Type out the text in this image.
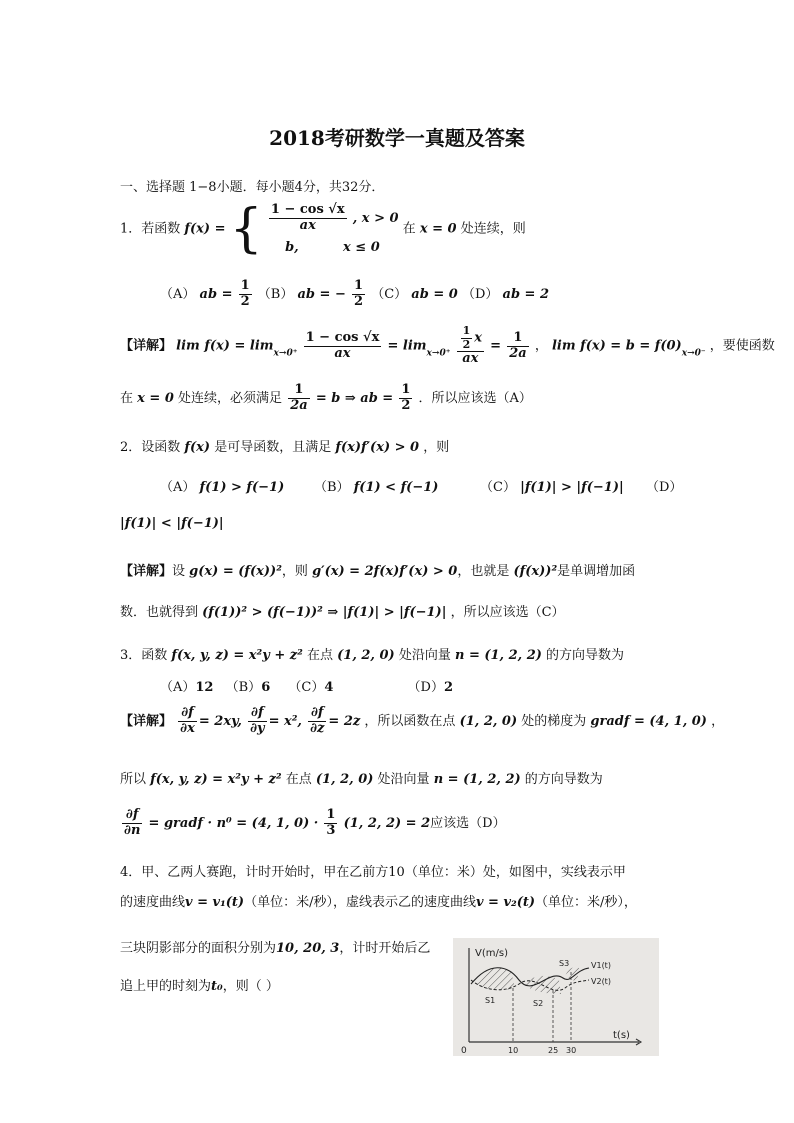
2018考研数学一真题及答案
一、选择题 1−8小题．每小题4分，共32分．
1．若函数 f(x) = { $\frac{1 - \cos √x}{ax}$ , x > 0
b,	x ≤ 0
在 x = 0 处连续，则
（A） ab = $\frac{1}{2} (B)$ ab = − $\frac{1}{2} (C)$ ab = 0 （D） ab = 2
【详解】 $\lim f(x) = \lim_{x\to 0^+} \frac{1 - \cos √x}{ax} = \lim_{x\to 0^+} \frac{\frac{1}{2} x}{ax} = \frac{1}{2a}$ ， $\lim f(x) = b = f(0)_{x\to 0^-}$ ，要使函数
在 x = 0 处连续，必须满足 $\frac{1}{2a} = b$ ⇒ ab = $\frac{1}{2}$ ．所以应该选（A）
2．设函数 f(x) 是可导函数，且满足 f(x)f′(x) > 0 ，则
（A） f(1) > f(−1) （B） f(1) < f(−1)	（C） |f(1)| > |f(−1)| （D）
|f(1)| < |f(−1)|
【详解】设 g(x) = (f(x))²，则 g′(x) = 2f(x)f′(x) > 0，也就是 (f(x))²是单调增加函
数．也就得到 (f(1))² > (f(−1))² ⇒ |f(1)| > |f(−1)| ，所以应该选（C）
3．函数 f(x, y, z) = x²y + z² 在点 (1, 2, 0) 处沿向量 n = (1, 2, 2) 的方向导数为
（A）12 （B）6 （C）4	（D）2
【详解】 $\frac{\partial f}{\partial x} = 2xy$, $\frac{\partial f}{\partial y} = x^2$, $\frac{\partial f}{\partial z} = 2z$ ，所以函数在点 (1, 2, 0) 处的梯度为 gradf = (4, 1, 0) ，
所以 f(x, y, z) = x²y + z² 在点 (1, 2, 0) 处沿向量 n = (1, 2, 2) 的方向导数为
$\frac{\partial f}{\partial n}$ = gradf · n⁰ = (4, 1, $0) \cdot \frac{1}{3} (1$, 2, 2) = 2应该选（D）
4．甲、乙两人赛跑，计时开始时，甲在乙前方10（单位：米）处，如图中，实线表示甲
的速度曲线v = v₁(t)（单位：米/秒），虚线表示乙的速度曲线v = v₂(t)（单位：米/秒），
三块阴影部分的面积分别为10, 20, 3，计时开始后乙
追上甲的时刻为t₀，则（ ）
V(m/s)
t(s)
0	10	25 30
S1	S2
S3	V1(t)
V2(t)
